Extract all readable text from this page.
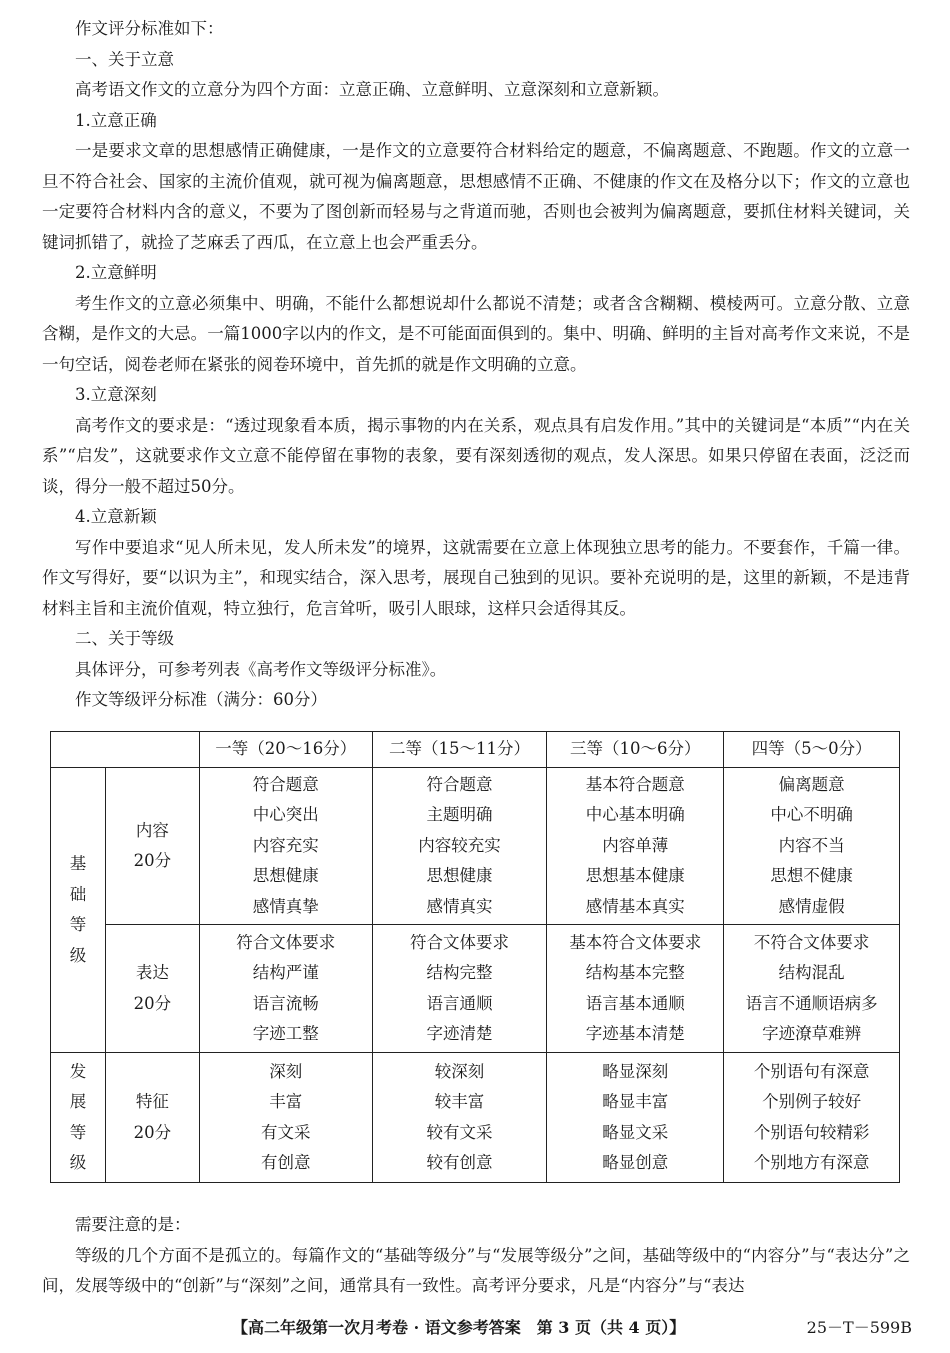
作文评分标准如下：

一、关于立意

高考语文作文的立意分为四个方面：立意正确、立意鲜明、立意深刻和立意新颖。

1.立意正确

一是要求文章的思想感情正确健康，一是作文的立意要符合材料给定的题意，不偏离题意、不跑题。作文的立意一旦不符合社会、国家的主流价值观，就可视为偏离题意，思想感情不正确、不健康的作文在及格分以下；作文的立意也一定要符合材料内含的意义，不要为了图创新而轻易与之背道而驰，否则也会被判为偏离题意，要抓住材料关键词，关键词抓错了，就捡了芝麻丢了西瓜，在立意上也会严重丢分。

2.立意鲜明

考生作文的立意必须集中、明确，不能什么都想说却什么都说不清楚；或者含含糊糊、模棱两可。立意分散、立意含糊，是作文的大忌。一篇1000字以内的作文，是不可能面面俱到的。集中、明确、鲜明的主旨对高考作文来说，不是一句空话，阅卷老师在紧张的阅卷环境中，首先抓的就是作文明确的立意。

3.立意深刻

高考作文的要求是：“透过现象看本质，揭示事物的内在关系，观点具有启发作用。”其中的关键词是“本质”“内在关系”“启发”，这就要求作文立意不能停留在事物的表象，要有深刻透彻的观点，发人深思。如果只停留在表面，泛泛而谈，得分一般不超过50分。

4.立意新颖

写作中要追求“见人所未见，发人所未发”的境界，这就需要在立意上体现独立思考的能力。不要套作，千篇一律。作文写得好，要“以识为主”，和现实结合，深入思考，展现自己独到的见识。要补充说明的是，这里的新颖，不是违背材料主旨和主流价值观，特立独行，危言耸听，吸引人眼球，这样只会适得其反。

二、关于等级

具体评分，可参考列表《高考作文等级评分标准》。

作文等级评分标准（满分：60分）

		一等（20～16分）	二等（15～11分）	三等（10～6分）	四等（5～0分）

基
础
等
级	内容
20分	符合题意
中心突出
内容充实
思想健康
感情真挚	符合题意
主题明确
内容较充实
思想健康
感情真实	基本符合题意
中心基本明确
内容单薄
思想基本健康
感情基本真实	偏离题意
中心不明确
内容不当
思想不健康
感情虚假

	表达
20分	符合文体要求
结构严谨
语言流畅
字迹工整	符合文体要求
结构完整
语言通顺
字迹清楚	基本符合文体要求
结构基本完整
语言基本通顺
字迹基本清楚	不符合文体要求
结构混乱
语言不通顺语病多
字迹潦草难辨

发
展
等
级	特征
20分	深刻
丰富
有文采
有创意	较深刻
较丰富
较有文采
较有创意	略显深刻
略显丰富
略显文采
略显创意	个别语句有深意
个别例子较好
个别语句较精彩
个别地方有深意

需要注意的是：

等级的几个方面不是孤立的。每篇作文的“基础等级分”与“发展等级分”之间，基础等级中的“内容分”与“表达分”之间，发展等级中的“创新”与“深刻”之间，通常具有一致性。高考评分要求，凡是“内容分”与“表达

【高二年级第一次月考卷 · 语文参考答案　第 3 页（共 4 页）】	25－T－599B
